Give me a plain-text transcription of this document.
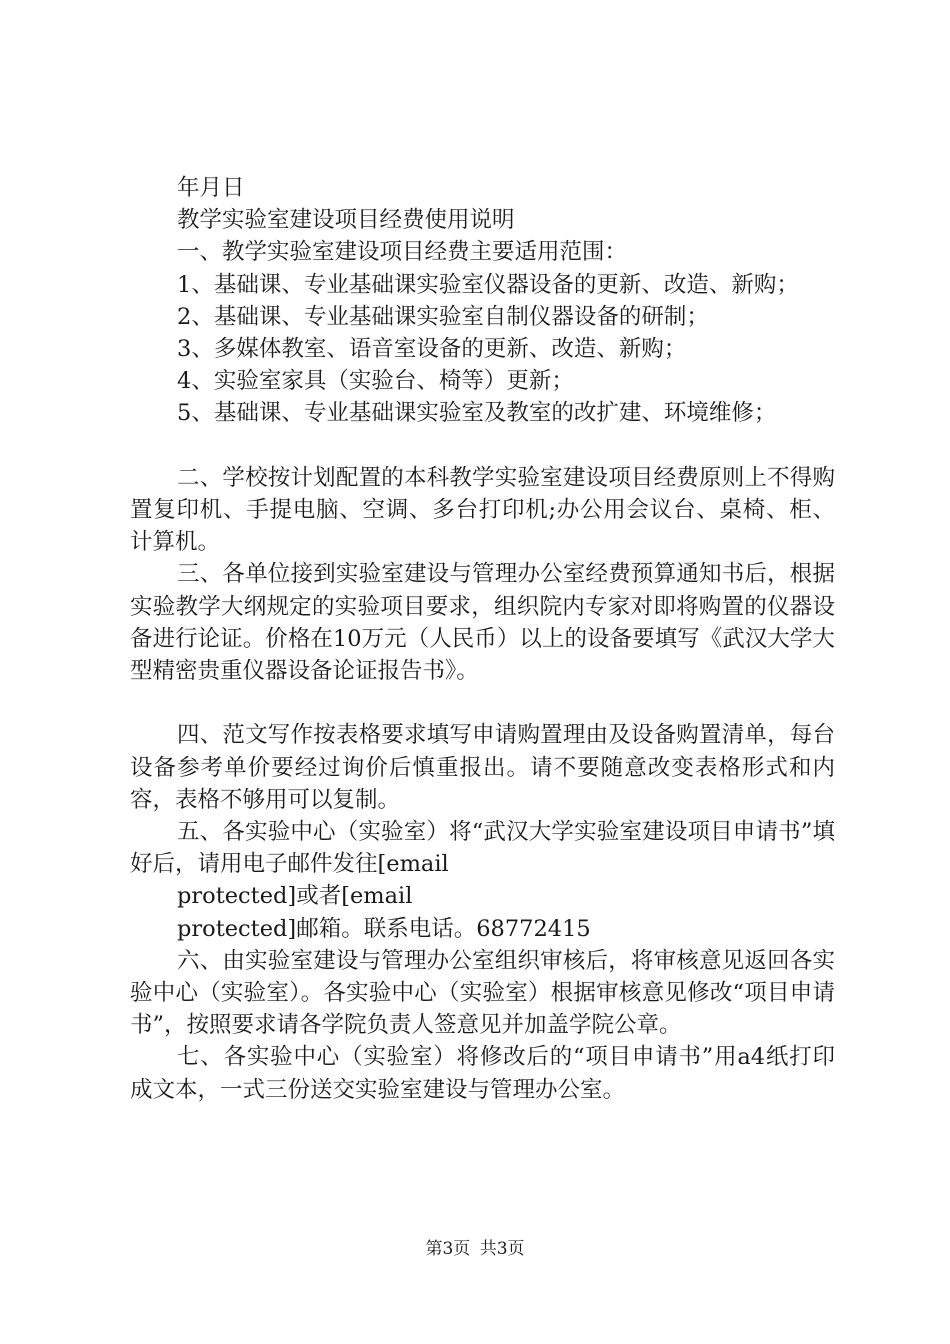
年月日

教学实验室建设项目经费使用说明

一、教学实验室建设项目经费主要适用范围：

1、基础课、专业基础课实验室仪器设备的更新、改造、新购；

2、基础课、专业基础课实验室自制仪器设备的研制；

3、多媒体教室、语音室设备的更新、改造、新购；

4、实验室家具（实验台、椅等）更新；

5、基础课、专业基础课实验室及教室的改扩建、环境维修；

二、学校按计划配置的本科教学实验室建设项目经费原则上不得购置复印机、手提电脑、空调、多台打印机;办公用会议台、桌椅、柜、计算机。

三、各单位接到实验室建设与管理办公室经费预算通知书后，根据实验教学大纲规定的实验项目要求，组织院内专家对即将购置的仪器设备进行论证。价格在10万元（人民币）以上的设备要填写《武汉大学大型精密贵重仪器设备论证报告书》。

四、范文写作按表格要求填写申请购置理由及设备购置清单，每台设备参考单价要经过询价后慎重报出。请不要随意改变表格形式和内容，表格不够用可以复制。

五、各实验中心（实验室）将“武汉大学实验室建设项目申请书”填好后，请用电子邮件发往[email

protected]或者[email

protected]邮箱。联系电话。68772415

六、由实验室建设与管理办公室组织审核后，将审核意见返回各实验中心（实验室）。各实验中心（实验室）根据审核意见修改“项目申请书”，按照要求请各学院负责人签意见并加盖学院公章。

七、各实验中心（实验室）将修改后的“项目申请书”用a4纸打印成文本，一式三份送交实验室建设与管理办公室。

第3页 共3页
